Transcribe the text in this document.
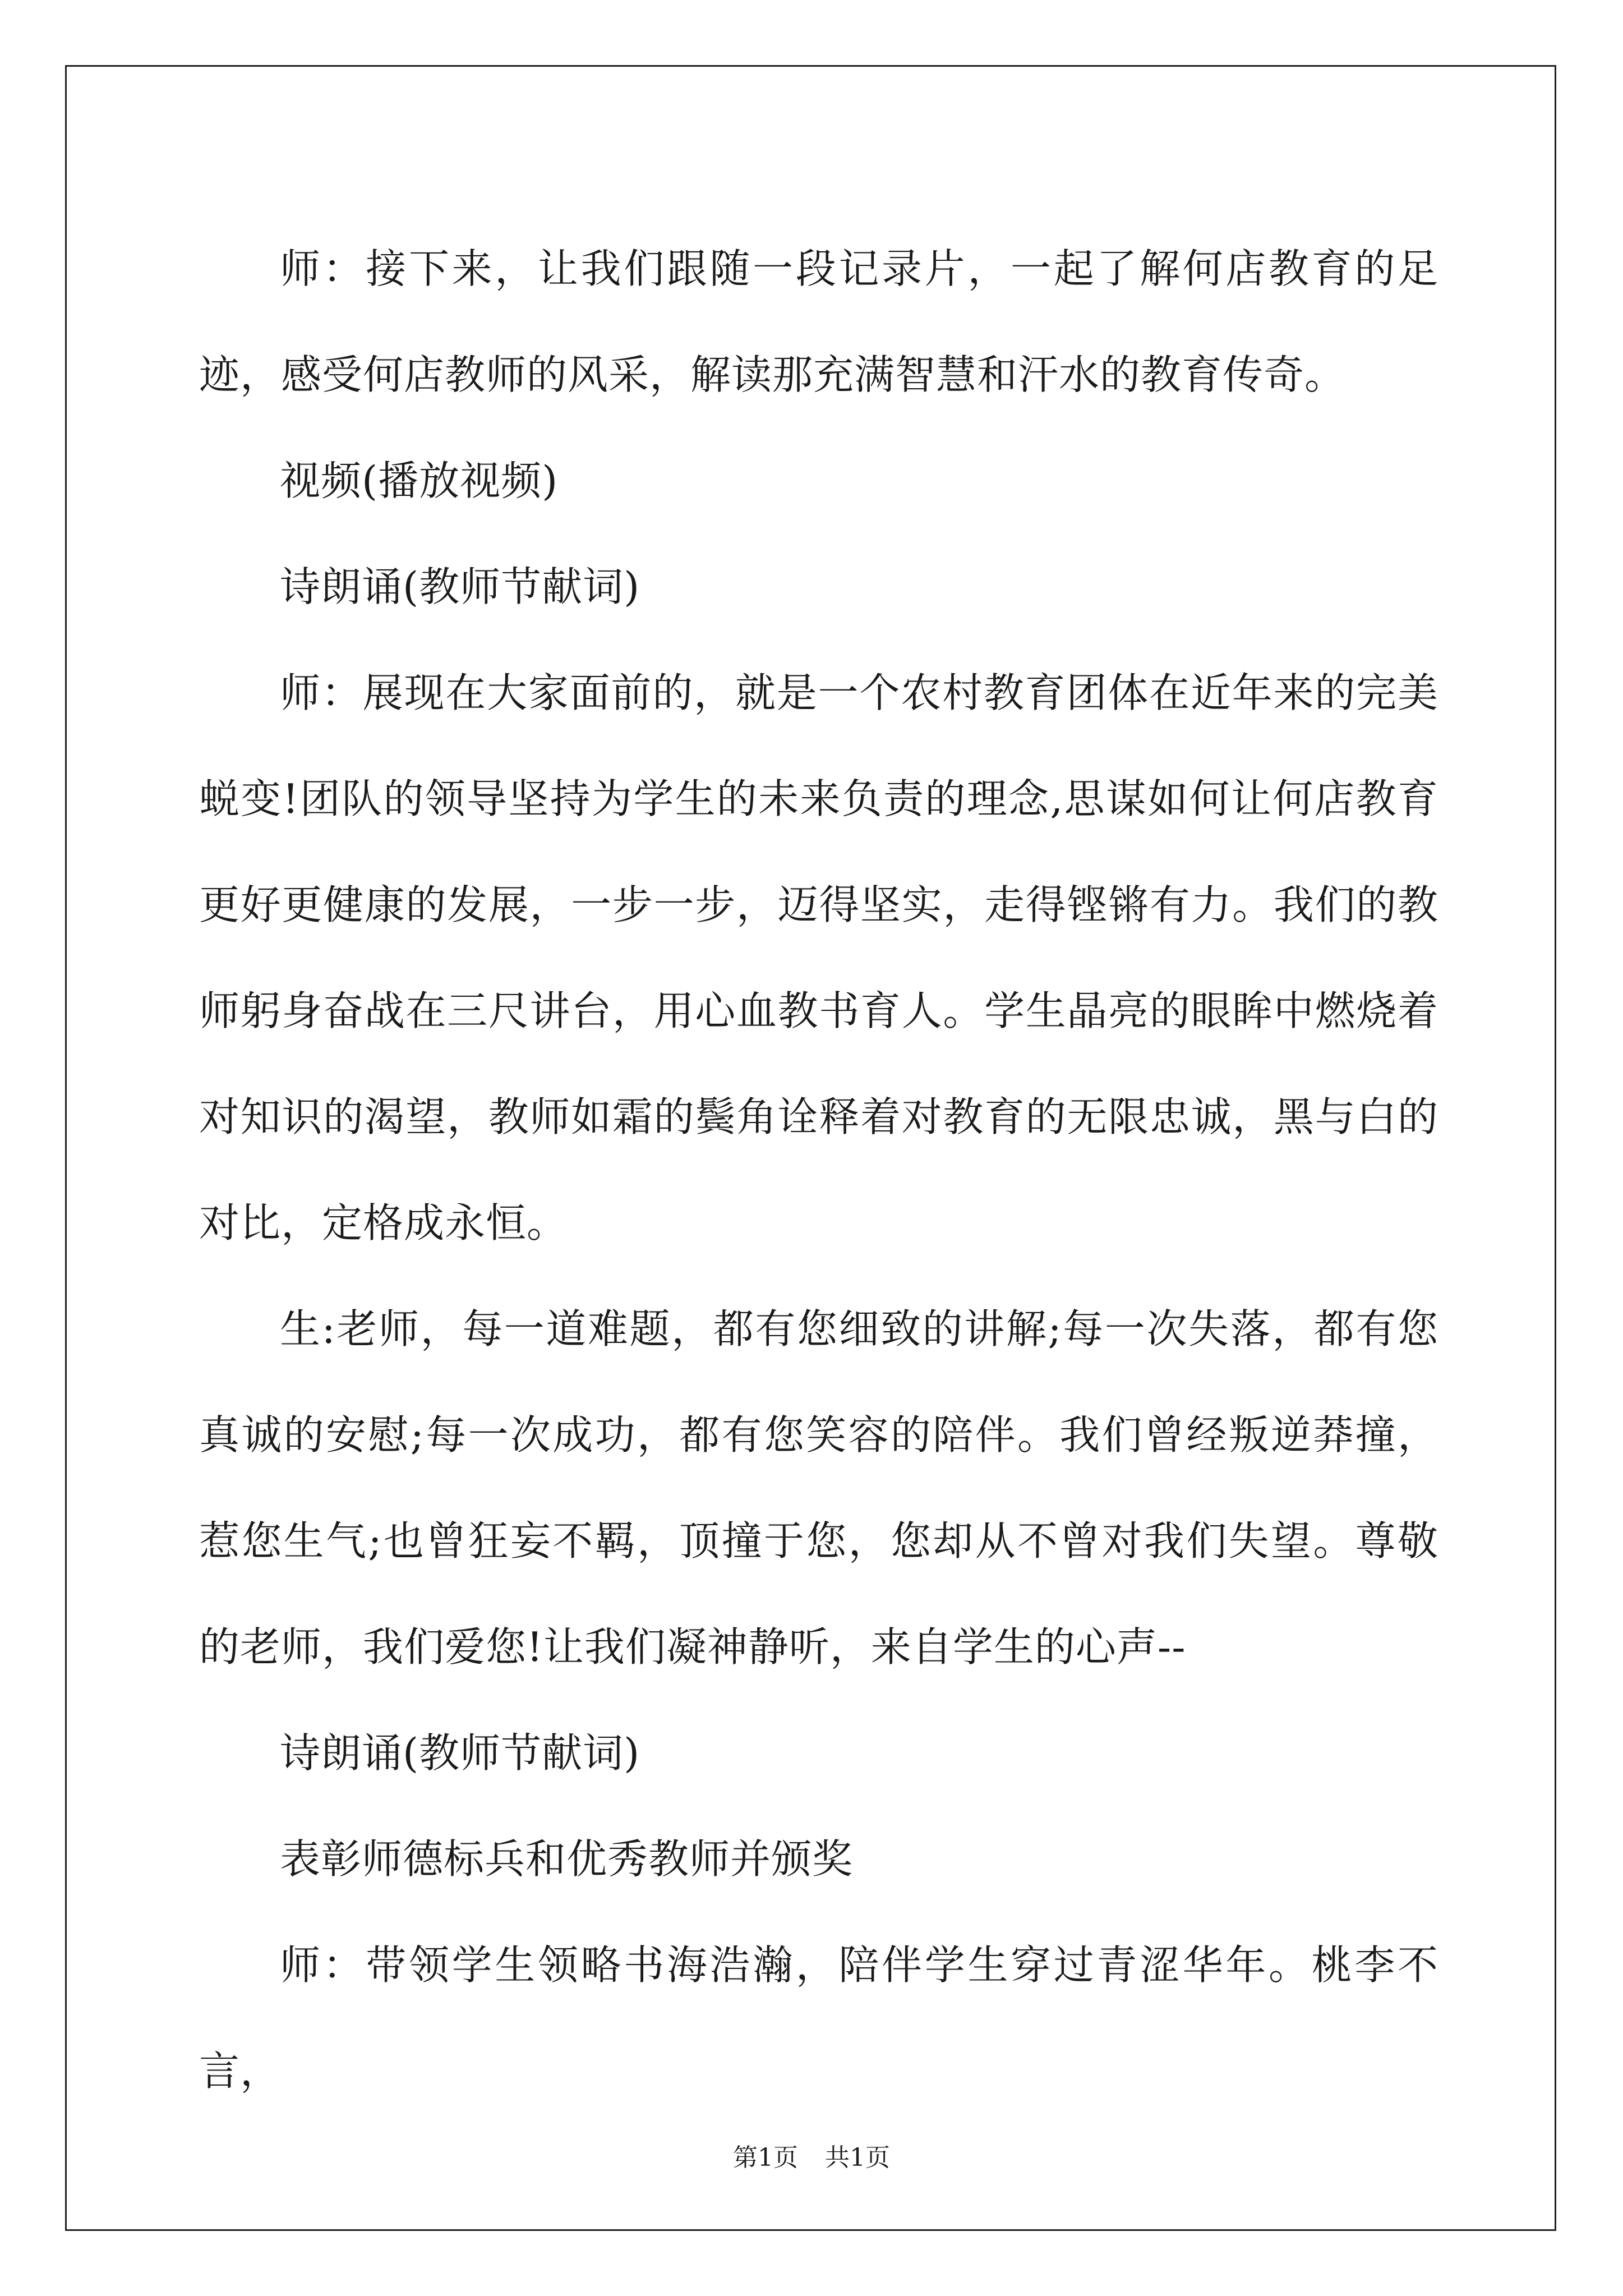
师：接下来，让我们跟随一段记录片，一起了解何店教育的足迹，感受何店教师的风采，解读那充满智慧和汗水的教育传奇。

视频(播放视频)

诗朗诵(教师节献词)

师：展现在大家面前的，就是一个农村教育团体在近年来的完美蜕变!团队的领导坚持为学生的未来负责的理念,思谋如何让何店教育更好更健康的发展，一步一步，迈得坚实，走得铿锵有力。我们的教师躬身奋战在三尺讲台，用心血教书育人。学生晶亮的眼眸中燃烧着对知识的渴望，教师如霜的鬓角诠释着对教育的无限忠诚，黑与白的对比，定格成永恒。

生:老师，每一道难题，都有您细致的讲解;每一次失落，都有您真诚的安慰;每一次成功，都有您笑容的陪伴。我们曾经叛逆莽撞，惹您生气;也曾狂妄不羁，顶撞于您，您却从不曾对我们失望。尊敬的老师，我们爱您!让我们凝神静听，来自学生的心声--

诗朗诵(教师节献词)

表彰师德标兵和优秀教师并颁奖

师：带领学生领略书海浩瀚，陪伴学生穿过青涩华年。桃李不言，

第1页 共1页
